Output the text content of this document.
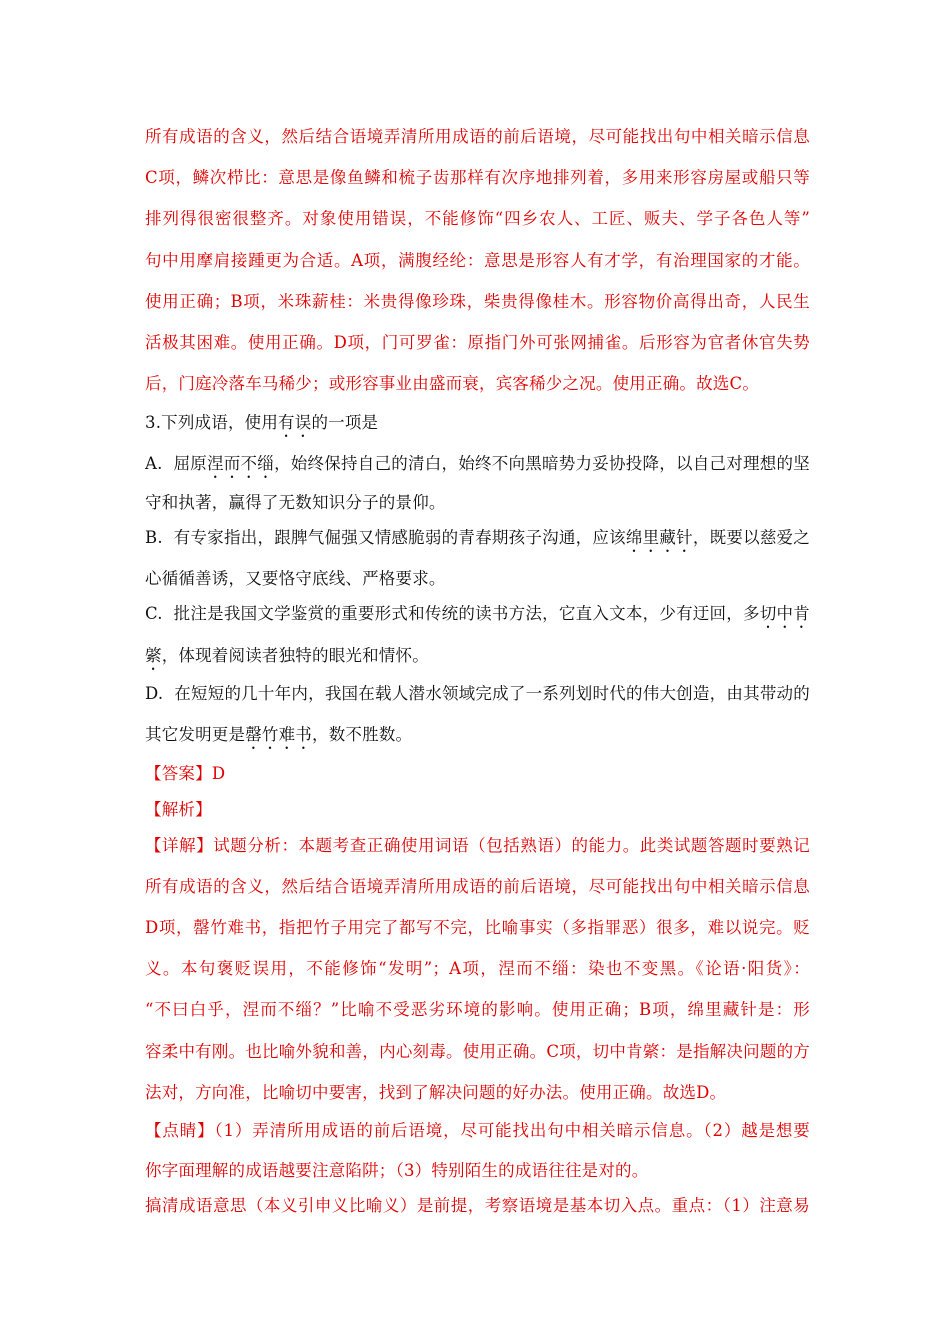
所有成语的含义，然后结合语境弄清所用成语的前后语境，尽可能找出句中相关暗示信息
C项，鳞次栉比：意思是像鱼鳞和梳子齿那样有次序地排列着，多用来形容房屋或船只等
排列得很密很整齐。对象使用错误，不能修饰“四乡农人、工匠、贩夫、学子各色人等”
句中用摩肩接踵更为合适。A项，满腹经纶：意思是形容人有才学，有治理国家的才能。
使用正确；B项，米珠薪桂：米贵得像珍珠，柴贵得像桂木。形容物价高得出奇，人民生
活极其困难。使用正确。D项，门可罗雀：原指门外可张网捕雀。后形容为官者休官失势
后，门庭冷落车马稀少；或形容事业由盛而衰，宾客稀少之况。使用正确。故选C。
3.下列成语，使用有误的一项是
A. 屈原涅而不缁，始终保持自己的清白，始终不向黑暗势力妥协投降，以自己对理想的坚
守和执著，赢得了无数知识分子的景仰。
B. 有专家指出，跟脾气倔强又情感脆弱的青春期孩子沟通，应该绵里藏针，既要以慈爱之
心循循善诱，又要恪守底线、严格要求。
C. 批注是我国文学鉴赏的重要形式和传统的读书方法，它直入文本，少有迂回，多切中肯
綮，体现着阅读者独特的眼光和情怀。
D. 在短短的几十年内，我国在载人潜水领域完成了一系列划时代的伟大创造，由其带动的
其它发明更是罄竹难书，数不胜数。
【答案】D
【解析】
【详解】试题分析：本题考查正确使用词语（包括熟语）的能力。此类试题答题时要熟记
所有成语的含义，然后结合语境弄清所用成语的前后语境，尽可能找出句中相关暗示信息
D项，罄竹难书，指把竹子用完了都写不完，比喻事实（多指罪恶）很多，难以说完。贬
义。本句褒贬误用，不能修饰“发明”；A项，涅而不缁：染也不变黑。《论语·阳货》：
“不曰白乎，涅而不缁？”比喻不受恶劣环境的影响。使用正确；B项，绵里藏针是：形
容柔中有刚。也比喻外貌和善，内心刻毒。使用正确。C项，切中肯綮：是指解决问题的方
法对，方向准，比喻切中要害，找到了解决问题的好办法。使用正确。故选D。
【点睛】（1）弄清所用成语的前后语境，尽可能找出句中相关暗示信息。（2）越是想要
你字面理解的成语越要注意陷阱；（3）特别陌生的成语往往是对的。
搞清成语意思（本义引申义比喻义）是前提，考察语境是基本切入点。重点：（1）注意易
